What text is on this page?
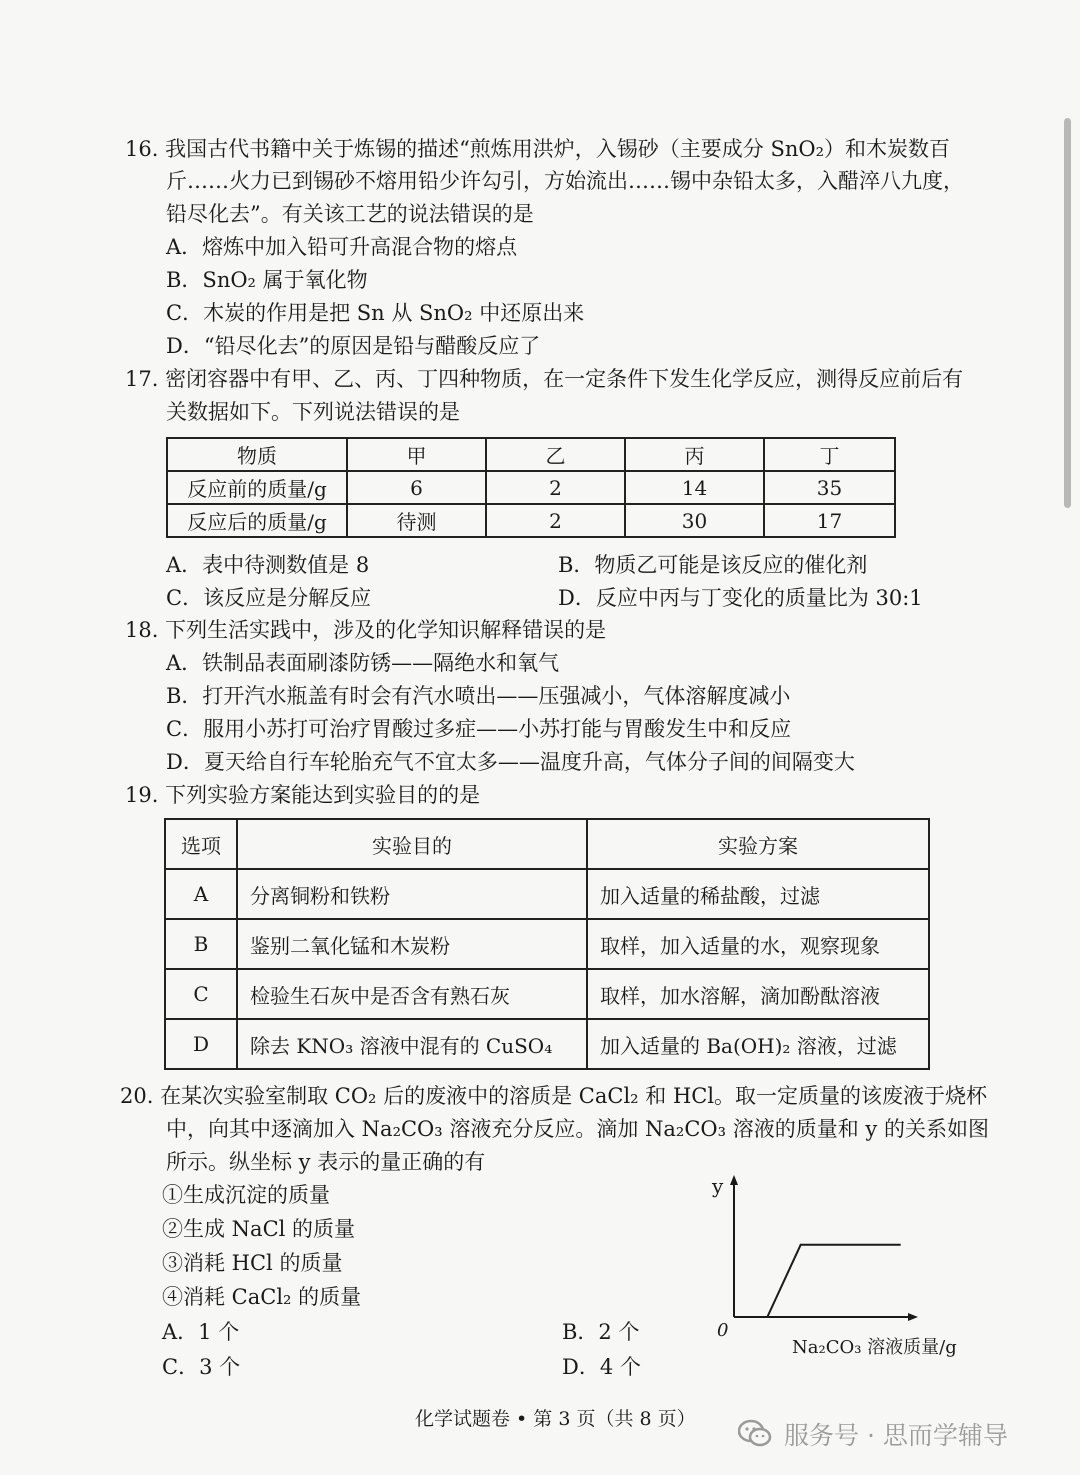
16. 我国古代书籍中关于炼锡的描述“煎炼用洪炉，入锡砂（主要成分 SnO₂）和木炭数百
斤……火力已到锡砂不熔用铅少许勾引，方始流出……锡中杂铅太多，入醋淬八九度，
铅尽化去”。有关该工艺的说法错误的是
A．熔炼中加入铅可升高混合物的熔点
B．SnO₂ 属于氧化物
C．木炭的作用是把 Sn 从 SnO₂ 中还原出来
D．“铅尽化去”的原因是铅与醋酸反应了
17. 密闭容器中有甲、乙、丙、丁四种物质，在一定条件下发生化学反应，测得反应前后有
关数据如下。下列说法错误的是
物质	甲	乙	丙	丁
反应前的质量/g	6	2	14	35
反应后的质量/g	待测	2	30	17
A．表中待测数值是 8	B．物质乙可能是该反应的催化剂
C．该反应是分解反应	D．反应中丙与丁变化的质量比为 30:1
18. 下列生活实践中，涉及的化学知识解释错误的是
A．铁制品表面刷漆防锈——隔绝水和氧气
B．打开汽水瓶盖有时会有汽水喷出——压强减小，气体溶解度减小
C．服用小苏打可治疗胃酸过多症——小苏打能与胃酸发生中和反应
D．夏天给自行车轮胎充气不宜太多——温度升高，气体分子间的间隔变大
19. 下列实验方案能达到实验目的的是
选项	实验目的	实验方案
A	分离铜粉和铁粉	加入适量的稀盐酸，过滤
B	鉴别二氧化锰和木炭粉	取样，加入适量的水，观察现象
C	检验生石灰中是否含有熟石灰	取样，加水溶解，滴加酚酞溶液
D	除去 KNO₃ 溶液中混有的 CuSO₄	加入适量的 Ba(OH)₂ 溶液，过滤
20. 在某次实验室制取 CO₂ 后的废液中的溶质是 CaCl₂ 和 HCl。取一定质量的该废液于烧杯
中，向其中逐滴加入 Na₂CO₃ 溶液充分反应。滴加 Na₂CO₃ 溶液的质量和 y 的关系如图
所示。纵坐标 y 表示的量正确的有
①生成沉淀的质量
②生成 NaCl 的质量
③消耗 HCl 的质量
④消耗 CaCl₂ 的质量
A．1 个	B．2 个
C．3 个	D．4 个
y
0
Na₂CO₃ 溶液质量/g
化学试题卷 • 第 3 页（共 8 页）
服务号 · 思而学辅导
